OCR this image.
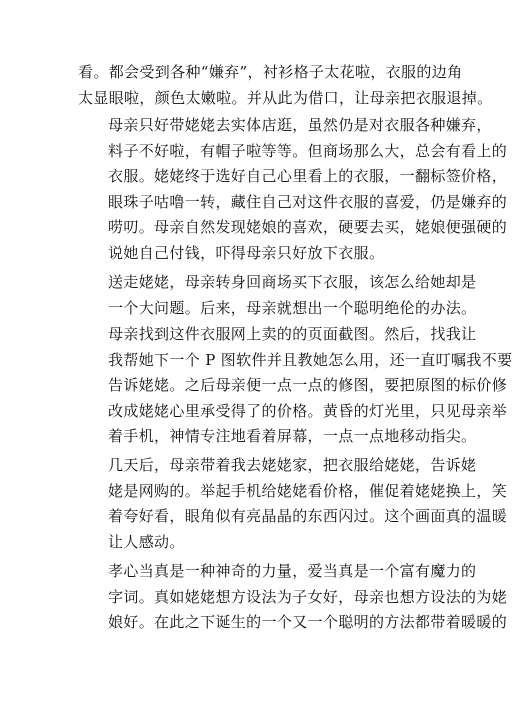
看。都会受到各种“嫌弃”，衬衫格子太花啦，衣服的边角
太显眼啦，颜色太嫩啦。并从此为借口，让母亲把衣服退掉。
母亲只好带姥姥去实体店逛，虽然仍是对衣服各种嫌弃，
料子不好啦，有帽子啦等等。但商场那么大，总会有看上的
衣服。姥姥终于选好自己心里看上的衣服，一翻标签价格，
眼珠子咕噜一转，藏住自己对这件衣服的喜爱，仍是嫌弃的
唠叨。母亲自然发现姥娘的喜欢，硬要去买，姥娘便强硬的
说她自己付钱，吓得母亲只好放下衣服。
送走姥姥，母亲转身回商场买下衣服，该怎么给她却是
一个大问题。后来，母亲就想出一个聪明绝伦的办法。
母亲找到这件衣服网上卖的的页面截图。然后，找我让
我帮她下一个 P 图软件并且教她怎么用，还一直叮嘱我不要
告诉姥姥。之后母亲便一点一点的修图，要把原图的标价修
改成姥姥心里承受得了的价格。黄昏的灯光里，只见母亲举
着手机，神情专注地看着屏幕，一点一点地移动指尖。
几天后，母亲带着我去姥姥家，把衣服给姥姥，告诉姥
姥是网购的。举起手机给姥姥看价格，催促着姥姥换上，笑
着夸好看，眼角似有亮晶晶的东西闪过。这个画面真的温暖
让人感动。
孝心当真是一种神奇的力量，爱当真是一个富有魔力的
字词。真如姥姥想方设法为子女好，母亲也想方设法的为姥
娘好。在此之下诞生的一个又一个聪明的方法都带着暖暖的
